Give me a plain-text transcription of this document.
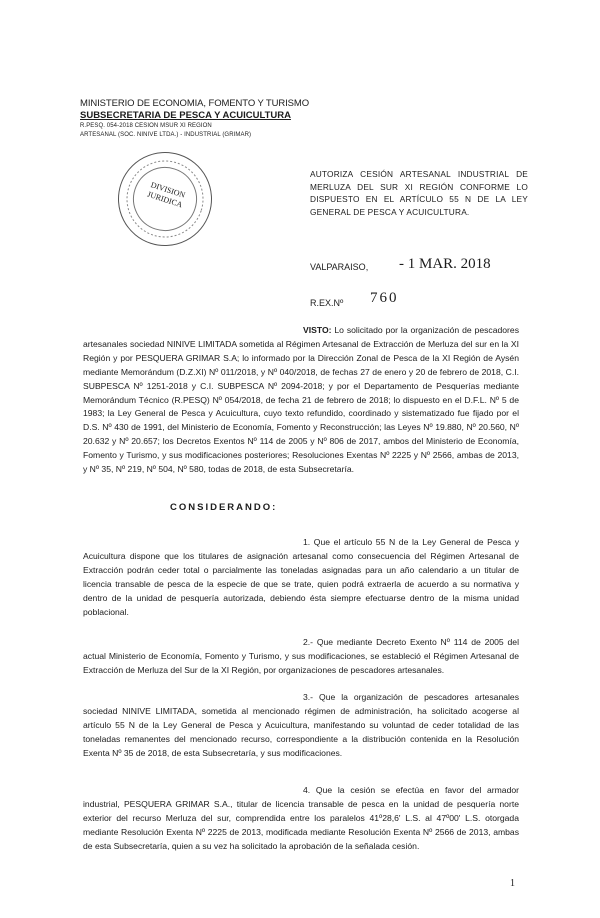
MINISTERIO DE ECONOMIA, FOMENTO Y TURISMO
SUBSECRETARIA DE PESCA Y ACUICULTURA
R.PESQ. 054-2018 CESION MSUR XI REGION
ARTESANAL (SOC. NINIVE LTDA.) - INDUSTRIAL (GRIMAR)
DIVISION JURIDICA
AUTORIZA CESIÓN ARTESANAL INDUSTRIAL DE MERLUZA DEL SUR XI REGIÓN CONFORME LO DISPUESTO EN EL ARTÍCULO 55 N DE LA LEY GENERAL DE PESCA Y ACUICULTURA.
VALPARAISO, - 1 MAR. 2018
R.EX.Nº 760
VISTO: Lo solicitado por la organización de pescadores artesanales sociedad NINIVE LIMITADA sometida al Régimen Artesanal de Extracción de Merluza del sur en la XI Región y por PESQUERA GRIMAR S.A; lo informado por la Dirección Zonal de Pesca de la XI Región de Aysén mediante Memorándum (D.Z.XI) Nº 011/2018, y Nº 040/2018, de fechas 27 de enero y 20 de febrero de 2018, C.I. SUBPESCA Nº 1251-2018 y C.I. SUBPESCA Nº 2094-2018; y por el Departamento de Pesquerías mediante Memorándum Técnico (R.PESQ) Nº 054/2018, de fecha 21 de febrero de 2018; lo dispuesto en el D.F.L. Nº 5 de 1983; la Ley General de Pesca y Acuicultura, cuyo texto refundido, coordinado y sistematizado fue fijado por el D.S. Nº 430 de 1991, del Ministerio de Economía, Fomento y Reconstrucción; las Leyes Nº 19.880, Nº 20.560, Nº 20.632 y Nº 20.657; los Decretos Exentos Nº 114 de 2005 y Nº 806 de 2017, ambos del Ministerio de Economía, Fomento y Turismo, y sus modificaciones posteriores; Resoluciones Exentas Nº 2225 y Nº 2566, ambas de 2013, y Nº 35, Nº 219, Nº 504, Nº 580, todas de 2018, de esta Subsecretaría.
CONSIDERANDO:
1. Que el artículo 55 N de la Ley General de Pesca y Acuicultura dispone que los titulares de asignación artesanal como consecuencia del Régimen Artesanal de Extracción podrán ceder total o parcialmente las toneladas asignadas para un año calendario a un titular de licencia transable de pesca de la especie de que se trate, quien podrá extraerla de acuerdo a su normativa y dentro de la unidad de pesquería autorizada, debiendo ésta siempre efectuarse dentro de la misma unidad poblacional.
2.- Que mediante Decreto Exento Nº 114 de 2005 del actual Ministerio de Economía, Fomento y Turismo, y sus modificaciones, se estableció el Régimen Artesanal de Extracción de Merluza del Sur de la XI Región, por organizaciones de pescadores artesanales.
3.- Que la organización de pescadores artesanales sociedad NINIVE LIMITADA, sometida al mencionado régimen de administración, ha solicitado acogerse al artículo 55 N de la Ley General de Pesca y Acuicultura, manifestando su voluntad de ceder totalidad de las toneladas remanentes del mencionado recurso, correspondiente a la distribución contenida en la Resolución Exenta Nº 35 de 2018, de esta Subsecretaría, y sus modificaciones.
4. Que la cesión se efectúa en favor del armador industrial, PESQUERA GRIMAR S.A., titular de licencia transable de pesca en la unidad de pesquería norte exterior del recurso Merluza del sur, comprendida entre los paralelos 41º28,6' L.S. al 47º00' L.S. otorgada mediante Resolución Exenta Nº 2225 de 2013, modificada mediante Resolución Exenta Nº 2566 de 2013, ambas de esta Subsecretaría, quien a su vez ha solicitado la aprobación de la señalada cesión.
1
